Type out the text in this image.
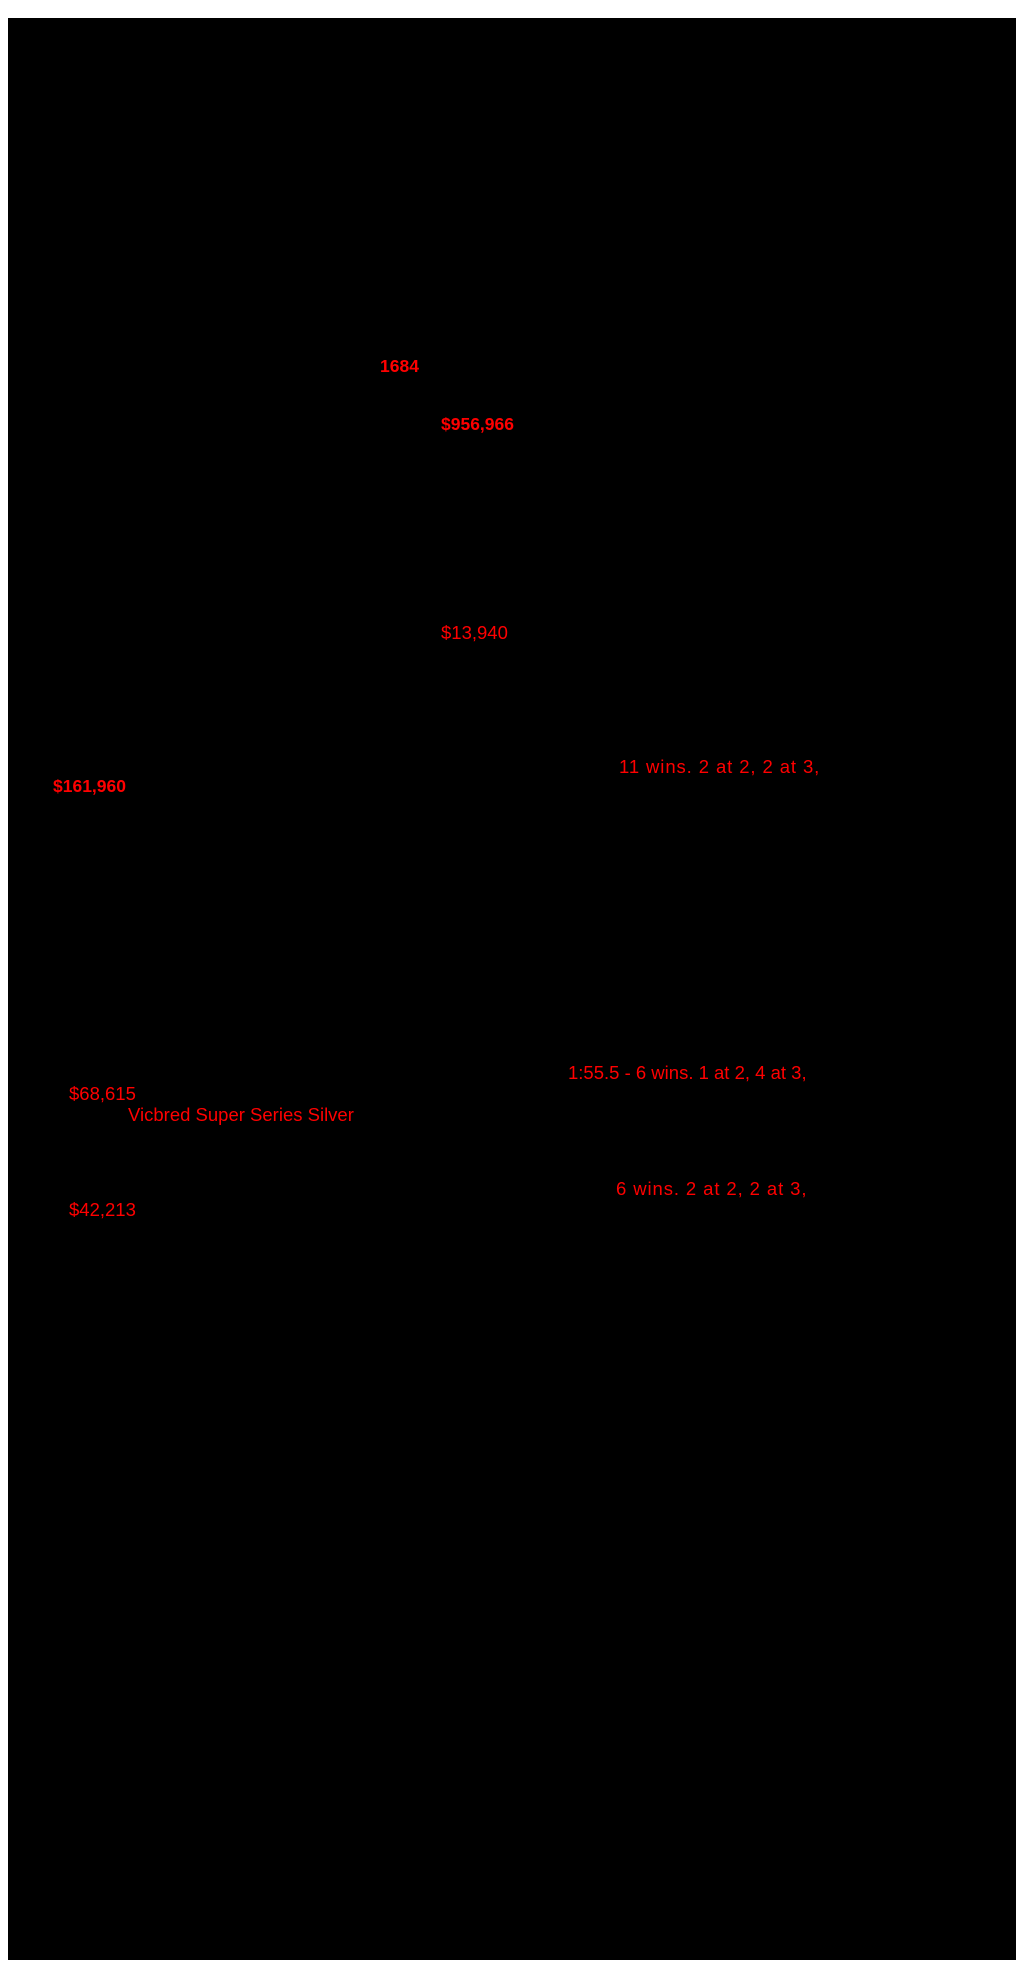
1684
$956,966
$13,940
11 wins. 2 at 2, 2 at 3,
$161,960
1:55.5 - 6 wins. 1 at 2, 4 at 3,
$68,615
Vicbred Super Series Silver
6 wins. 2 at 2, 2 at 3,
$42,213
